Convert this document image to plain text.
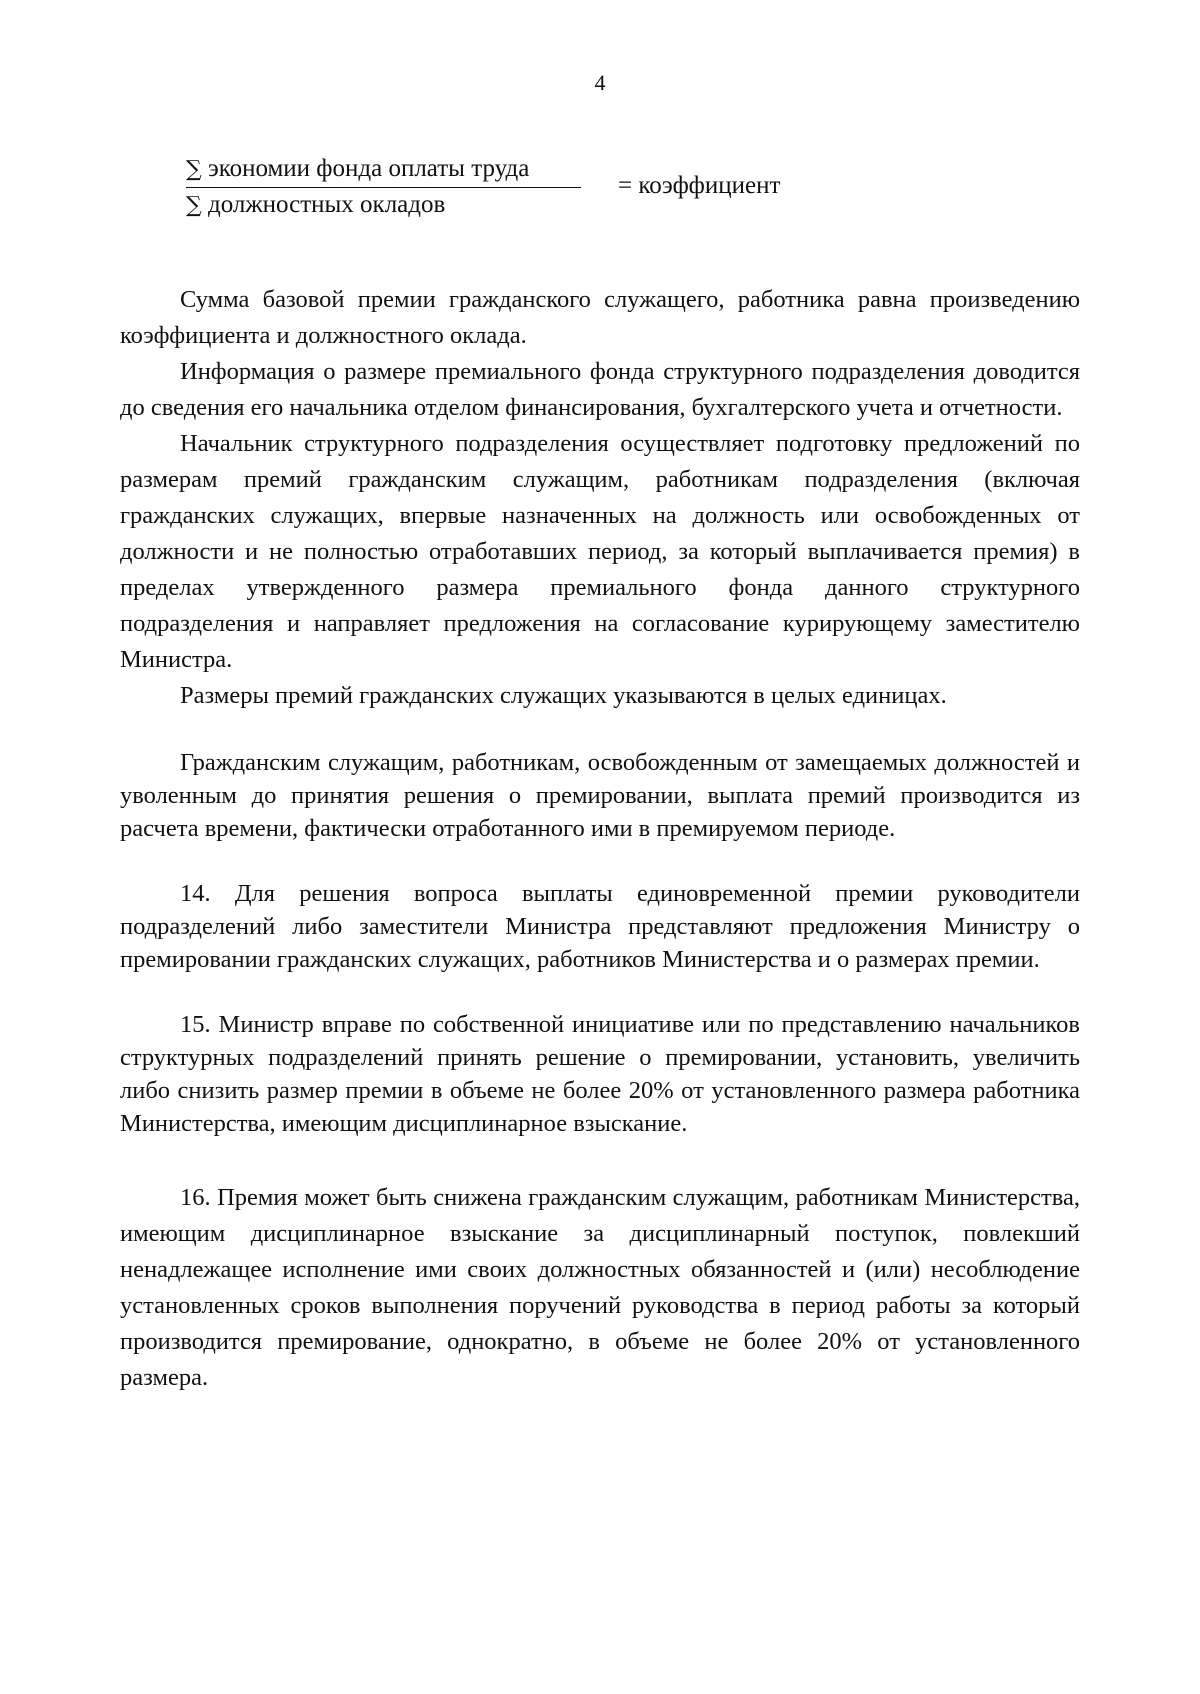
4
∑ экономии фонда оплаты труда
∑ должностных окладов
= коэффициент

Сумма базовой премии гражданского служащего, работника равна произведению коэффициента и должностного оклада.

Информация о размере премиального фонда структурного подразделения доводится до сведения его начальника отделом финансирования, бухгалтерского учета и отчетности.

Начальник структурного подразделения осуществляет подготовку предложений по размерам премий гражданским служащим, работникам подразделения (включая гражданских служащих, впервые назначенных на должность или освобожденных от должности и не полностью отработавших период, за который выплачивается премия) в пределах утвержденного размера премиального фонда данного структурного подразделения и направляет предложения на согласование курирующему заместителю Министра.

Размеры премий гражданских служащих указываются в целых единицах.

Гражданским служащим, работникам, освобожденным от замещаемых должностей и уволенным до принятия решения о премировании, выплата премий производится из расчета времени, фактически отработанного ими в премируемом периоде.

14. Для решения вопроса выплаты единовременной премии руководители подразделений либо заместители Министра представляют предложения Министру о премировании гражданских служащих, работников Министерства и о размерах премии.

15. Министр вправе по собственной инициативе или по представлению начальников структурных подразделений принять решение о премировании, установить, увеличить либо снизить размер премии в объеме не более 20% от установленного размера работника Министерства, имеющим дисциплинарное взыскание.

16. Премия может быть снижена гражданским служащим, работникам Министерства, имеющим дисциплинарное взыскание за дисциплинарный поступок, повлекший ненадлежащее исполнение ими своих должностных обязанностей и (или) несоблюдение установленных сроков выполнения поручений руководства в период работы за который производится премирование, однократно, в объеме не более 20% от установленного размера.
